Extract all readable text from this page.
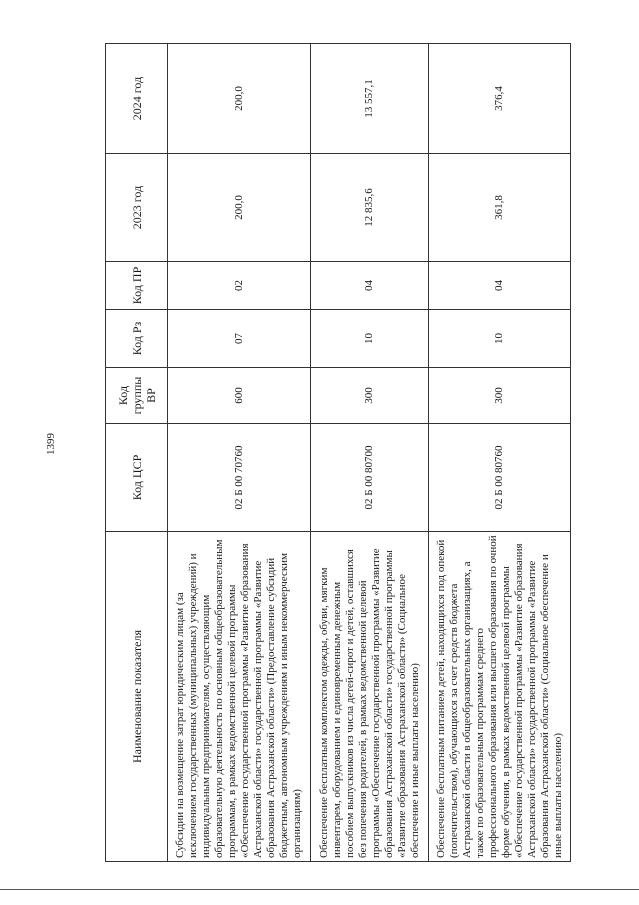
1399
Наименование показателя	Код ЦСР	Код группы ВР	Код Рз	Код ПР	2023 год	2024 год
Субсидии на возмещение затрат юридическим лицам (за исключением государственных (муниципальных) учреждений) и индивидуальным предпринимателям, осуществляющим образовательную деятельность по основным общеобразовательным программам, в рамках ведомственной целевой программы «Обеспечение государственной программы «Развитие образования Астраханской области» государственной программы «Развитие образования Астраханской области» (Предоставление субсидий бюджетным, автономным учреждениям и иным некоммерческим организациям)	02 Б 00 70760	600	07	02	200,0	200,0
Обеспечение бесплатным комплектом одежды, обуви, мягким инвентарем, оборудованием и единовременным денежным пособием выпускников из числа детей-сирот и детей, оставшихся без попечения родителей, в рамках ведомственной целевой программы «Обеспечение государственной программы «Развитие образования Астраханской области» государственной программы «Развитие образования Астраханской области» (Социальное обеспечение и иные выплаты населению)	02 Б 00 80700	300	10	04	12 835,6	13 557,1
Обеспечение бесплатным питанием детей, находящихся под опекой (попечительством), обучающихся за счет средств бюджета Астраханской области в общеобразовательных организациях, а также по образовательным программам среднего профессионального образования или высшего образования по очной форме обучения, в рамках ведомственной целевой программы «Обеспечение государственной программы «Развитие образования Астраханской области» государственной программы «Развитие образования Астраханской области» (Социальное обеспечение и иные выплаты населению)	02 Б 00 80760	300	10	04	361,8	376,4
